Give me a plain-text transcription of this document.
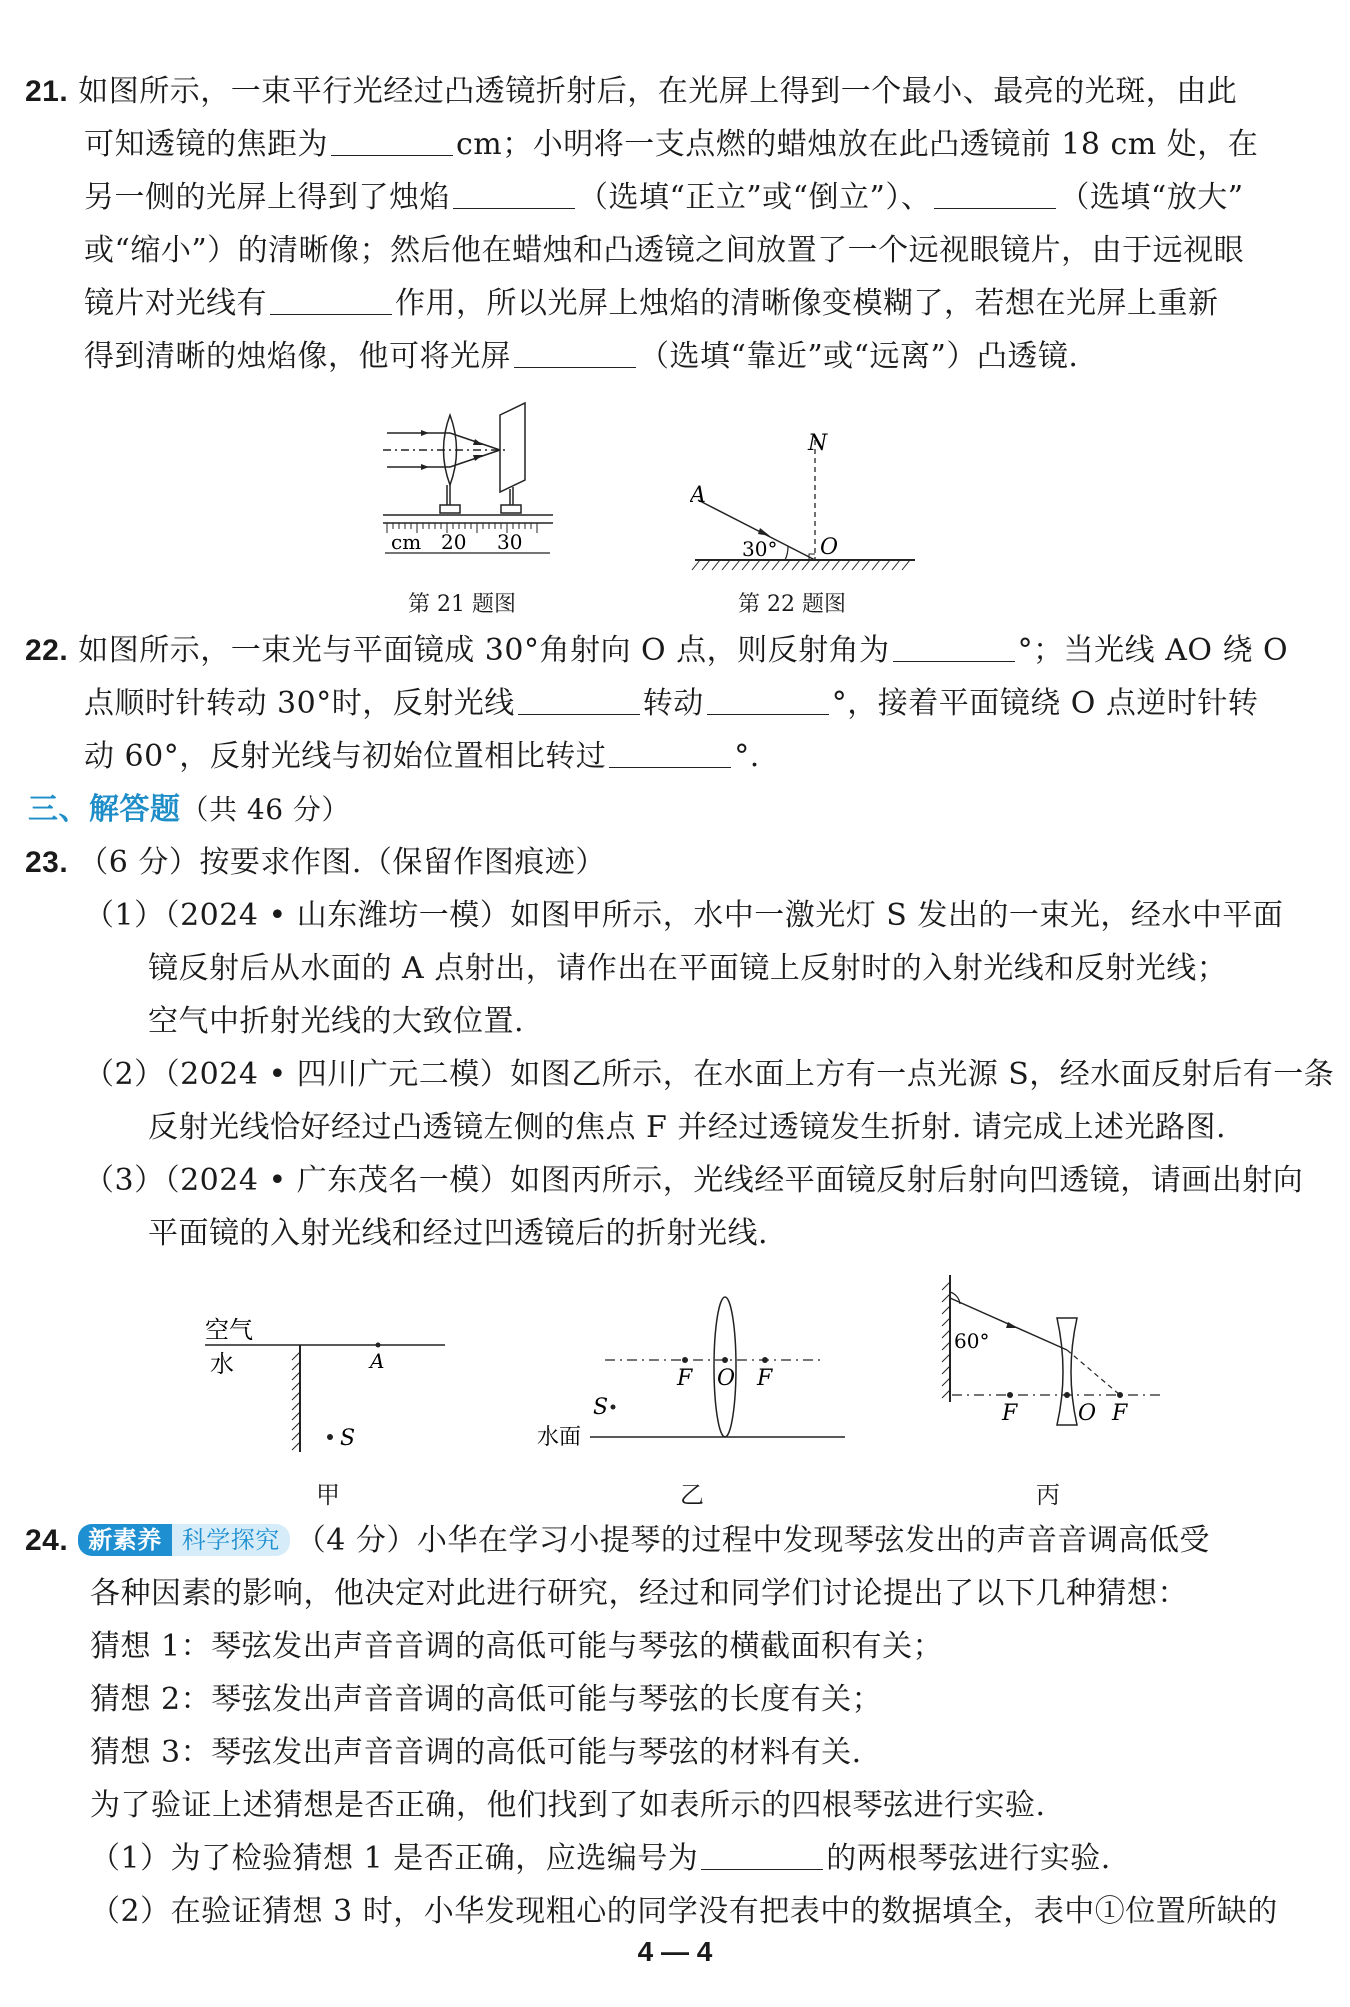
21. 如图所示，一束平行光经过凸透镜折射后，在光屏上得到一个最小、最亮的光斑，由此
可知透镜的焦距为	cm；小明将一支点燃的蜡烛放在此凸透镜前 18 cm 处，在
另一侧的光屏上得到了烛焰	（选填“正立”或“倒立”）、	（选填“放大”
或“缩小”）的清晰像；然后他在蜡烛和凸透镜之间放置了一个远视眼镜片，由于远视眼
镜片对光线有	作用，所以光屏上烛焰的清晰像变模糊了，若想在光屏上重新
得到清晰的烛焰像，他可将光屏	（选填“靠近”或“远离”）凸透镜.
cm 20 30
第 21 题图
N
A
O
30°
第 22 题图
22. 如图所示，一束光与平面镜成 30°角射向 O 点，则反射角为	°；当光线 AO 绕 O
点顺时针转动 30°时，反射光线	转动	°，接着平面镜绕 O 点逆时针转
动 60°，反射光线与初始位置相比转过	°.
三、解答题（共 46 分）
23. （6 分）按要求作图.（保留作图痕迹）
（1）（2024 • 山东潍坊一模）如图甲所示，水中一激光灯 S 发出的一束光，经水中平面
镜反射后从水面的 A 点射出，请作出在平面镜上反射时的入射光线和反射光线；
空气中折射光线的大致位置.
（2）（2024 • 四川广元二模）如图乙所示，在水面上方有一点光源 S，经水面反射后有一条
反射光线恰好经过凸透镜左侧的焦点 F 并经过透镜发生折射. 请完成上述光路图.
（3）（2024 • 广东茂名一模）如图丙所示，光线经平面镜反射后射向凹透镜，请画出射向
平面镜的入射光线和经过凹透镜后的折射光线.
空气
水	A
S
甲
F O F
S
水面
乙
60°
F	O F
丙
24. 新素养 科学探究 （4 分）小华在学习小提琴的过程中发现琴弦发出的声音音调高低受
各种因素的影响，他决定对此进行研究，经过和同学们讨论提出了以下几种猜想：
猜想 1：琴弦发出声音音调的高低可能与琴弦的横截面积有关；
猜想 2：琴弦发出声音音调的高低可能与琴弦的长度有关；
猜想 3：琴弦发出声音音调的高低可能与琴弦的材料有关.
为了验证上述猜想是否正确，他们找到了如表所示的四根琴弦进行实验.
（1）为了检验猜想 1 是否正确，应选编号为	的两根琴弦进行实验.
（2）在验证猜想 3 时，小华发现粗心的同学没有把表中的数据填全，表中①位置所缺的
4 — 4
